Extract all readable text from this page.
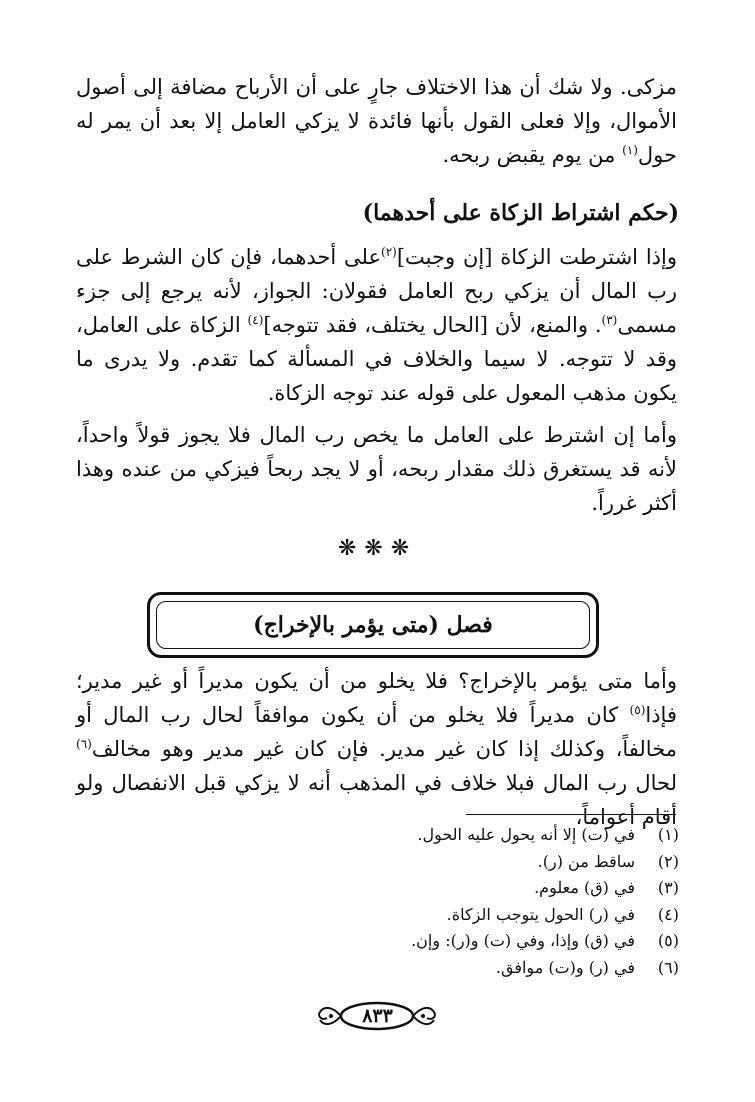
مزكى. ولا شك أن هذا الاختلاف جارٍ على أن الأرباح مضافة إلى أصول الأموال، وإلا فعلى القول بأنها فائدة لا يزكي العامل إلا بعد أن يمر له حول$^{(١)}$ من يوم يقبض ربحه.

(حكم اشتراط الزكاة على أحدهما)

وإذا اشترطت الزكاة [إن وجبت]$^{(٢)}$على أحدهما، فإن كان الشرط على رب المال أن يزكي ربح العامل فقولان: الجواز، لأنه يرجع إلى جزء مسمى$^{(٣)}$. والمنع، لأن [الحال يختلف، فقد تتوجه]$^{(٤)}$ الزكاة على العامل، وقد لا تتوجه. لا سيما والخلاف في المسألة كما تقدم. ولا يدرى ما يكون مذهب المعول على قوله عند توجه الزكاة.

وأما إن اشترط على العامل ما يخص رب المال فلا يجوز قولاً واحداً، لأنه قد يستغرق ذلك مقدار ربحه، أو لا يجد ربحاً فيزكي من عنده وهذا أكثر غرراً.

❋❋❋
فصل (متى يؤمر بالإخراج)

وأما متى يؤمر بالإخراج؟ فلا يخلو من أن يكون مديراً أو غير مدير؛ فإذا$^{(٥)}$ كان مديراً فلا يخلو من أن يكون موافقاً لحال رب المال أو مخالفاً، وكذلك إذا كان غير مدير. فإن كان غير مدير وهو مخالف$^{(٦)}$ لحال رب المال فبلا خلاف في المذهب أنه لا يزكي قبل الانفصال ولو أقام أعواماً،

(١)في (ت) إلا أنه يحول عليه الحول.
(٢)ساقط من (ر).
(٣)في (ق) معلوم.
(٤)في (ر) الحول يتوجب الزكاة.
(٥)في (ق) وإذا، وفي (ت) و(ر): وإن.
(٦)في (ر) و(ت) موافق.
٨٣٣
